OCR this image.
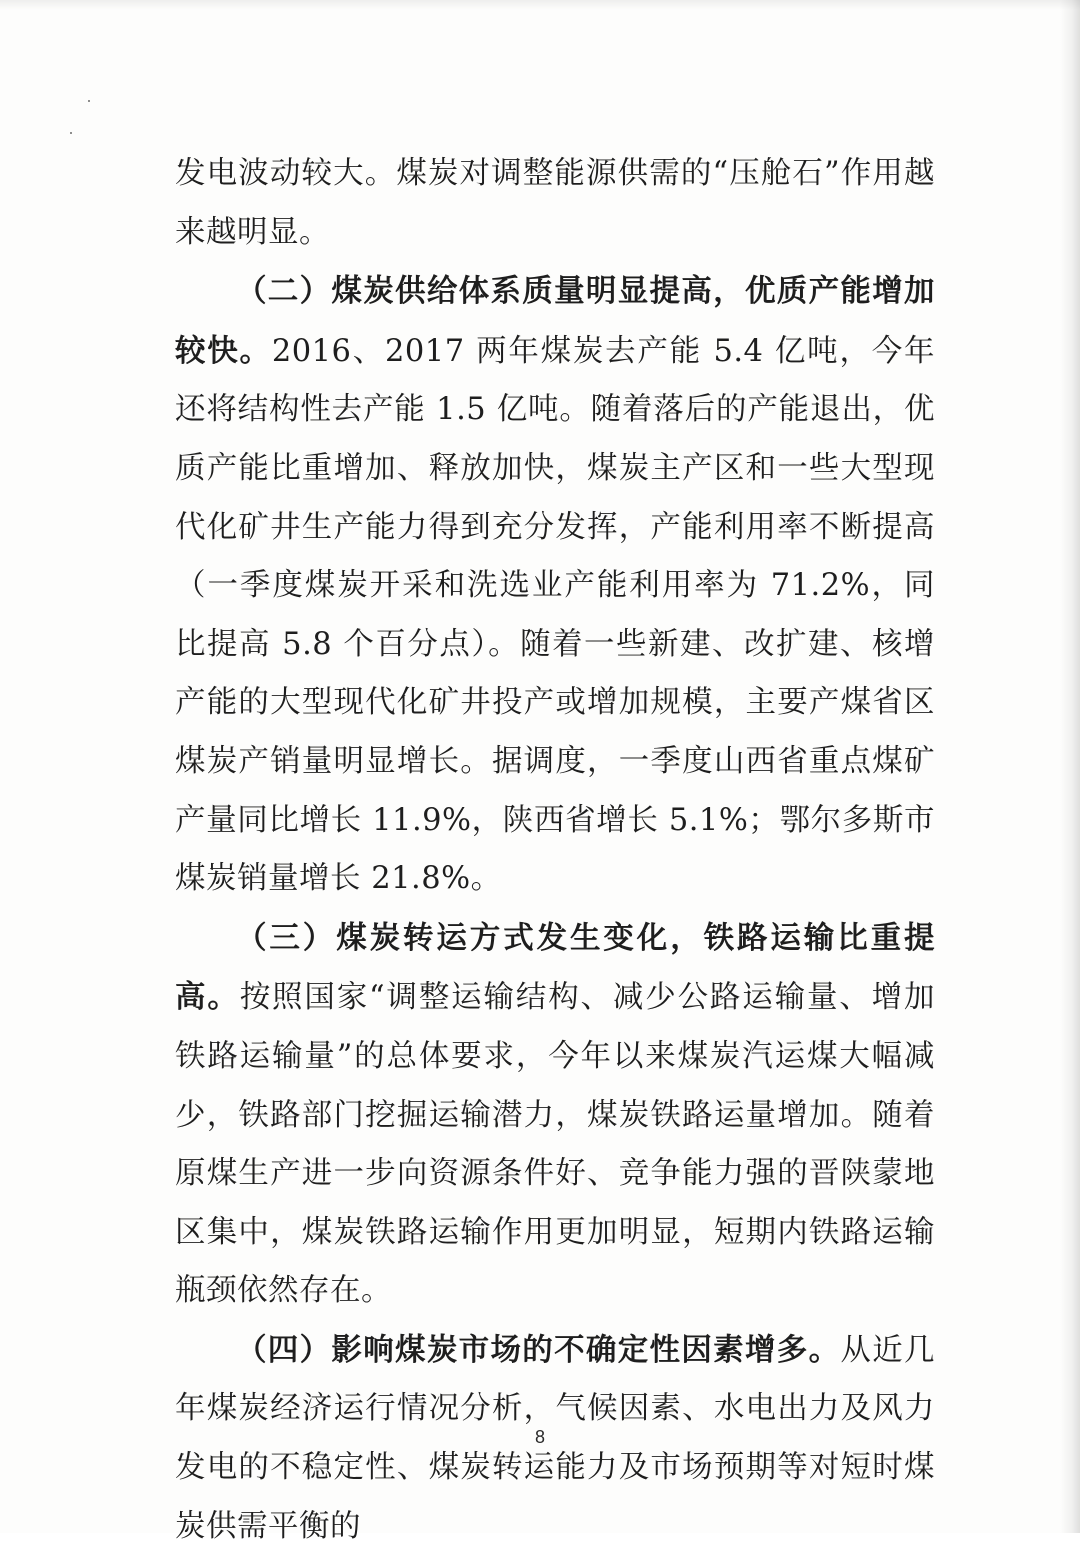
发电波动较大。煤炭对调整能源供需的“压舱石”作用越来越明显。

（二）煤炭供给体系质量明显提高，优质产能增加较快。2016、2017 两年煤炭去产能 5.4 亿吨，今年还将结构性去产能 1.5 亿吨。随着落后的产能退出，优质产能比重增加、释放加快，煤炭主产区和一些大型现代化矿井生产能力得到充分发挥，产能利用率不断提高（一季度煤炭开采和洗选业产能利用率为 71.2%，同比提高 5.8 个百分点）。随着一些新建、改扩建、核增产能的大型现代化矿井投产或增加规模，主要产煤省区煤炭产销量明显增长。据调度，一季度山西省重点煤矿产量同比增长 11.9%，陕西省增长 5.1%；鄂尔多斯市煤炭销量增长 21.8%。

（三）煤炭转运方式发生变化，铁路运输比重提高。按照国家“调整运输结构、减少公路运输量、增加铁路运输量”的总体要求，今年以来煤炭汽运煤大幅减少，铁路部门挖掘运输潜力，煤炭铁路运量增加。随着原煤生产进一步向资源条件好、竞争能力强的晋陕蒙地区集中，煤炭铁路运输作用更加明显，短期内铁路运输瓶颈依然存在。

（四）影响煤炭市场的不确定性因素增多。从近几年煤炭经济运行情况分析，气候因素、水电出力及风力发电的不稳定性、煤炭转运能力及市场预期等对短时煤炭供需平衡的

8
